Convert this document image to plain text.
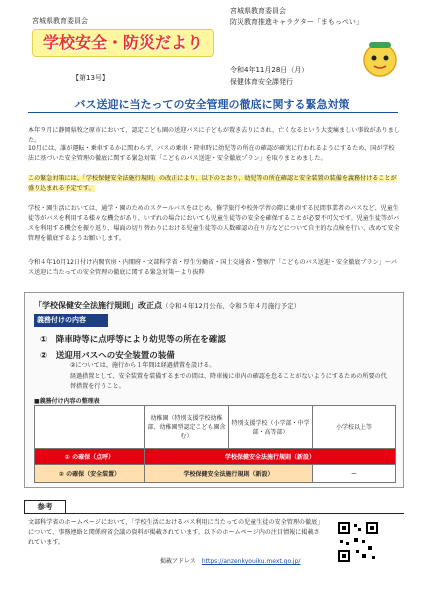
宮城県教育委員会
学校安全・防災だより
【第13号】
宮城県教育委員会
防災教育推進キャラクター「まもっぺい」
令和4年11月28日（月）
保健体育安全課発行
バス送迎に当たっての安全管理の徹底に関する緊急対策
本年９月に静岡県牧之原市において、認定こども園の送迎バスに子どもが置き去りにされ、亡くなるという大変痛ましい事故がありました。
10月には、誰が運転・乗車するかに関わらず、バスの乗車・降車時に幼児等の所在の確認が確実に行われるようにするため、国が学校法に基づいた安全管理の徹底に関する緊急対策「こどものバス送迎・安全徹底プラン」を取りまとめました。
この緊急対策には、「学校保健安全法施行規則」の改正により、以下のとおり、幼児等の所在確認と安全装置の装備を義務付けることが盛り込まれる予定です。
学校・園生活においては、通学・園のためのスクールバスをはじめ、修学旅行や校外学習の際に乗車する民間事業者のバスなど、児童生徒等がバスを利用する様々な機会があり、いずれの場合においても児童生徒等の安全を確保することが必要不可欠です。児童生徒等がバスを利用する機会を振り返り、場面の切り替わりにおける児童生徒等の人数確認の在り方などについて自主的な点検を行い、改めて安全管理を徹底するようお願いします。
令和４年10月12日付け内閣官房・内閣府・文部科学省・厚生労働省・国土交通省・警察庁「こどものバス送迎・安全徹底プラン」～バス送迎に当たっての安全管理の徹底に関する緊急対策～より抜粋
「学校保健安全法施行規則」改正点（令和４年12月公布、令和５年４月施行予定）
義務付けの内容
①　降車時等に点呼等により幼児等の所在を確認
②　送迎用バスへの安全装置の装備
②については、施行から１年間は経過措置を設ける。
経過措置として、安全装置を装備するまでの間は、降車後に車内の確認を怠ることがないようにするための所要の代替措置を行うこと。
■義務付け内容の整理表
	幼稚園（特別支援学校幼稚部、幼稚園型認定こども園含む）	特別支援学校（小学部・中学部・高等部）	小学校以上等
① の確保（点呼）	学校保健安全法施行規則（新設）		
② の確保（安全装置）	学校保健安全法施行規則（新設）		－
参考
文部科学省のホームページにおいて、「学校生活におけるバス利用に当たっての児童生徒の安全管理の徹底」について、事務連絡と関係府省会議の資料が掲載されています。以下のホームページ内の注目情報に掲載されています。
掲載アドレス https://anzenkyouiku.mext.go.jp/
